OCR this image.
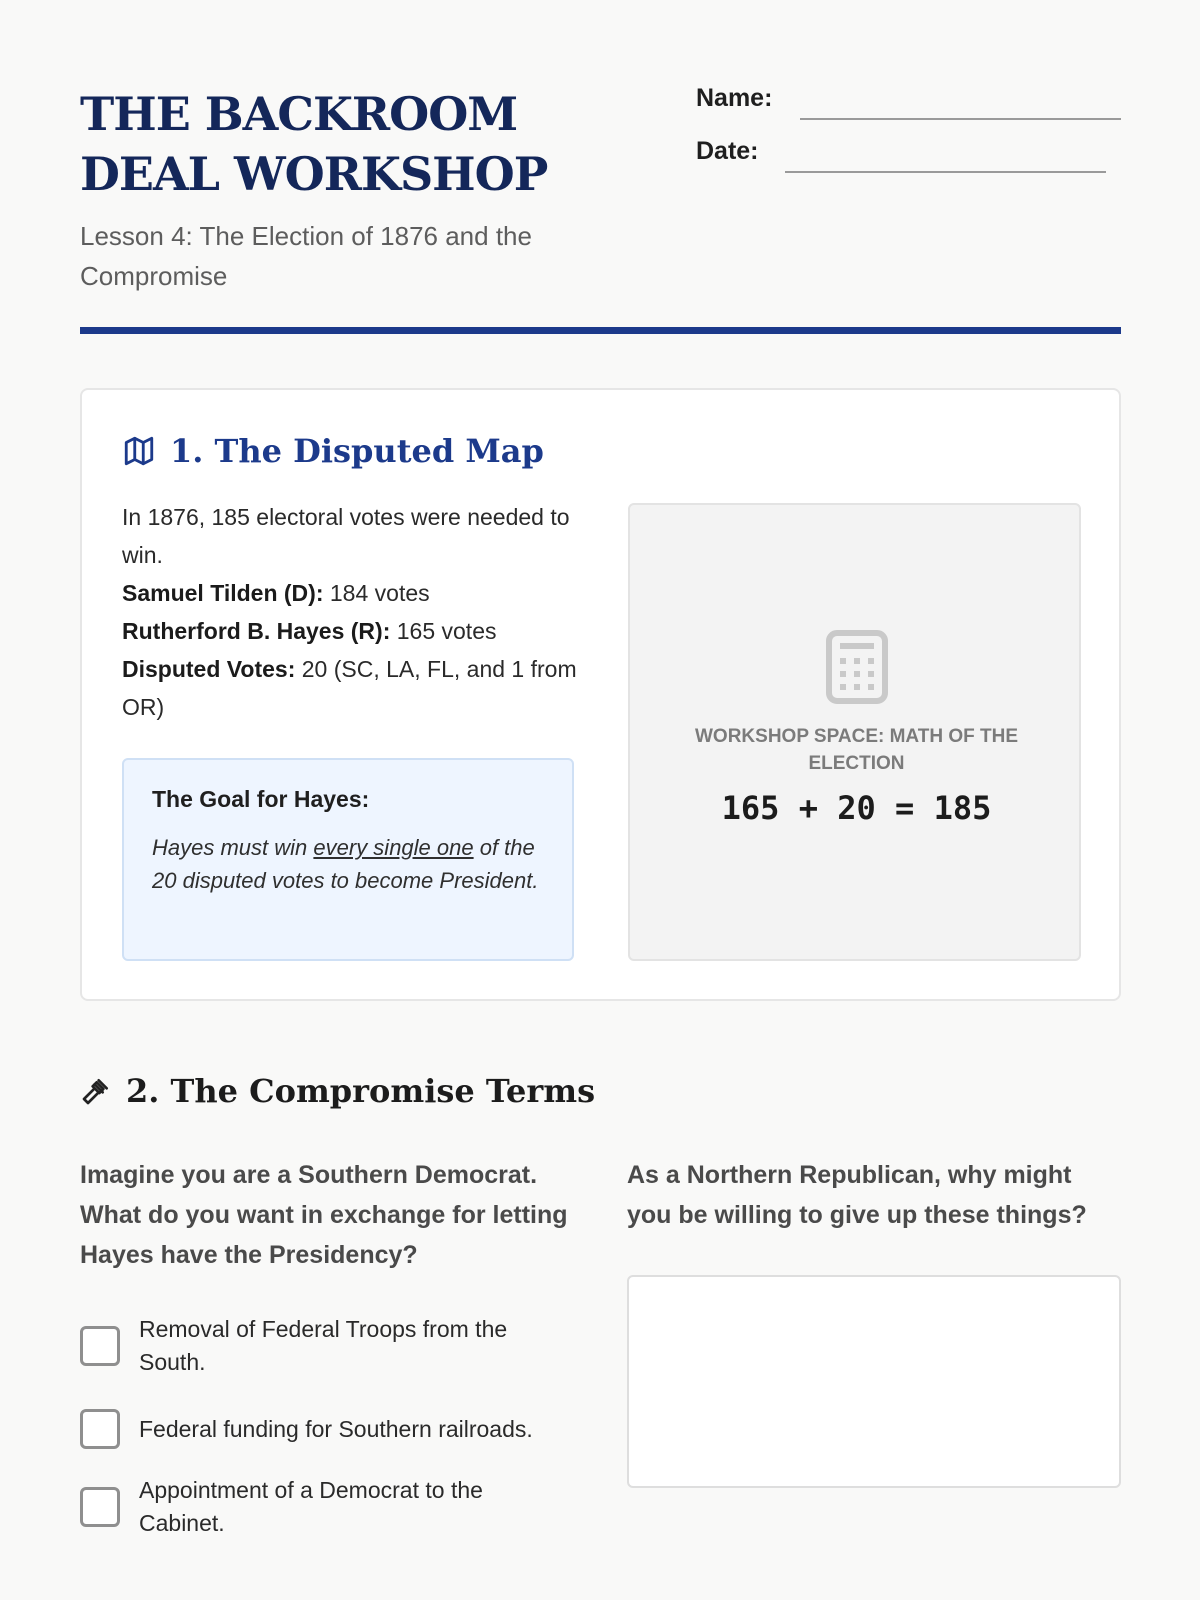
THE BACKROOM DEAL WORKSHOP
Lesson 4: The Election of 1876 and the Compromise
Name:
Date:
1. The Disputed Map
In 1876, 185 electoral votes were needed to win.
Samuel Tilden (D): 184 votes
Rutherford B. Hayes (R): 165 votes
Disputed Votes: 20 (SC, LA, FL, and 1 from OR)
The Goal for Hayes:
Hayes must win every single one of the 20 disputed votes to become President.
WORKSHOP SPACE: MATH OF THE ELECTION
165 + 20 = 185
2. The Compromise Terms
Imagine you are a Southern Democrat. What do you want in exchange for letting Hayes have the Presidency?
As a Northern Republican, why might you be willing to give up these things?
Removal of Federal Troops from the South.
Federal funding for Southern railroads.
Appointment of a Democrat to the Cabinet.
